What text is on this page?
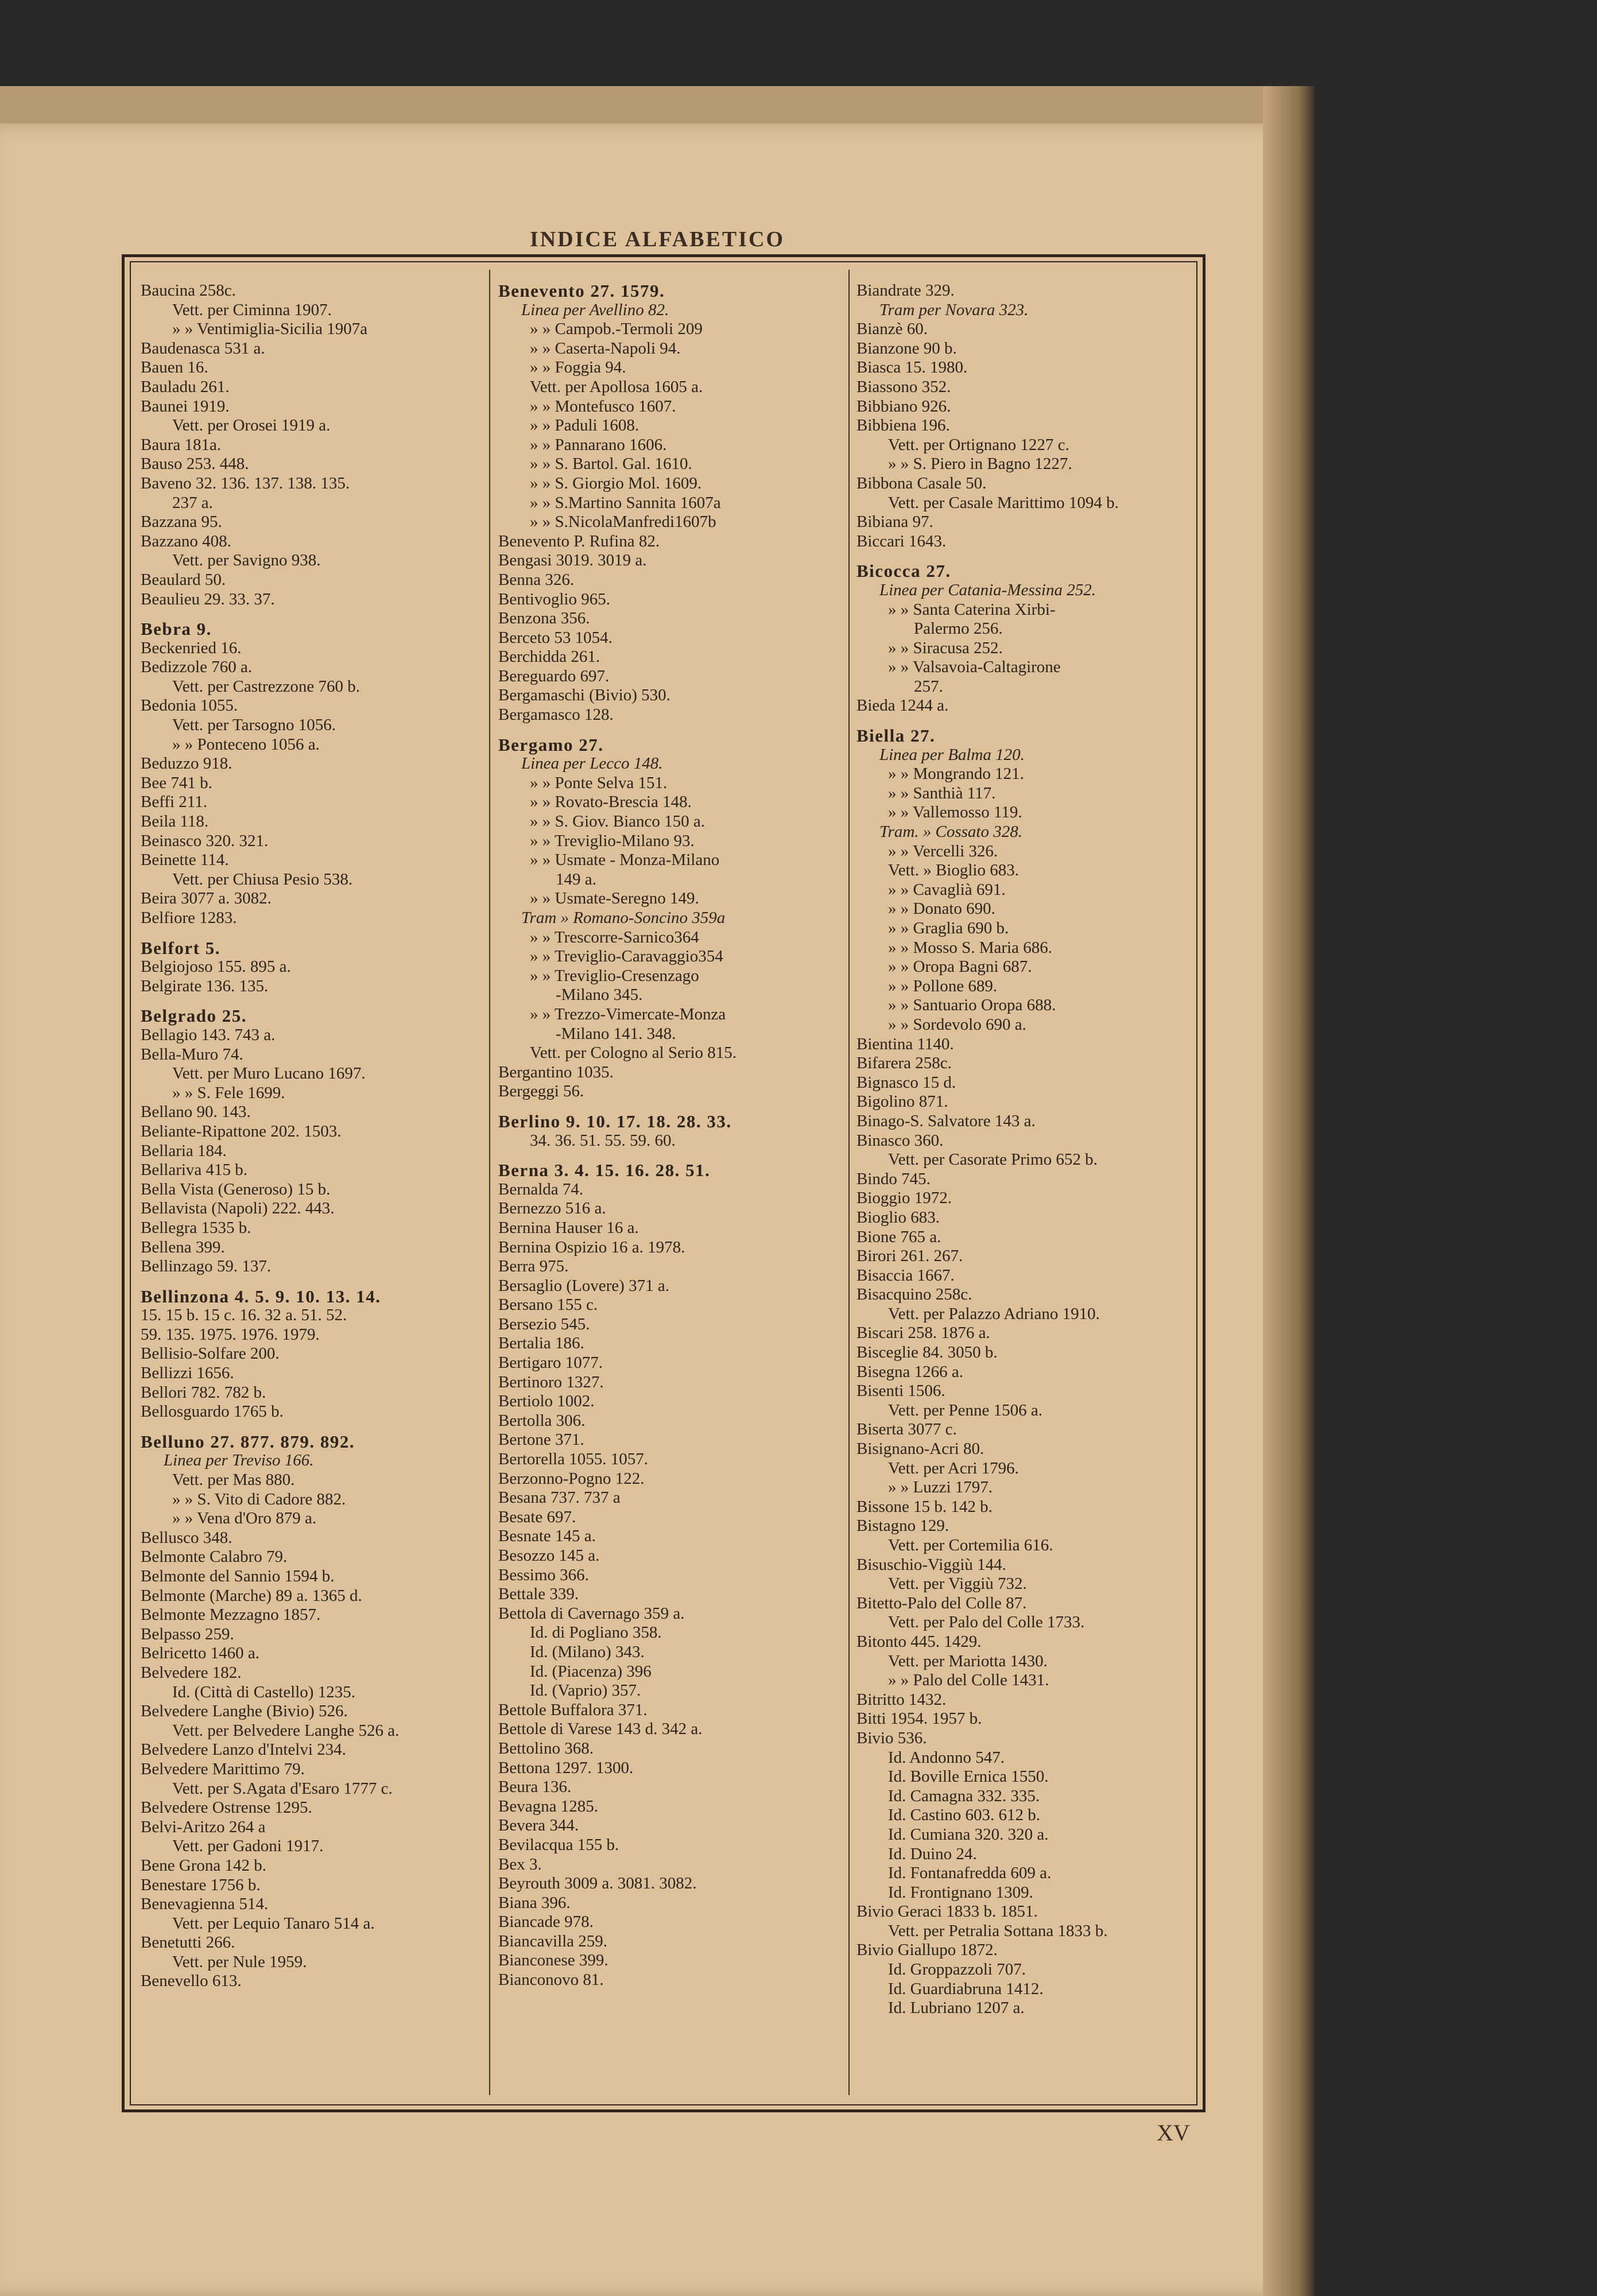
INDICE ALFABETICO
Baucina 258c.
Vett. per Ciminna 1907.
» » Ventimiglia-Sicilia 1907a
Baudenasca 531 a.
Bauen 16.
Bauladu 261.
Baunei 1919.
Vett. per Orosei 1919 a.
Baura 181a.
Bauso 253. 448.
Baveno 32. 136. 137. 138. 135.
237 a.
Bazzana 95.
Bazzano 408.
Vett. per Savigno 938.
Beaulard 50.
Beaulieu 29. 33. 37.
Bebra 9.
Beckenried 16.
Bedizzole 760 a.
Vett. per Castrezzone 760 b.
Bedonia 1055.
Vett. per Tarsogno 1056.
» » Ponteceno 1056 a.
Beduzzo 918.
Bee 741 b.
Beffi 211.
Beila 118.
Beinasco 320. 321.
Beinette 114.
Vett. per Chiusa Pesio 538.
Beira 3077 a. 3082.
Belfiore 1283.
Belfort 5.
Belgiojoso 155. 895 a.
Belgirate 136. 135.
Belgrado 25.
Bellagio 143. 743 a.
Bella-Muro 74.
Vett. per Muro Lucano 1697.
» » S. Fele 1699.
Bellano 90. 143.
Beliante-Ripattone 202. 1503.
Bellaria 184.
Bellariva 415 b.
Bella Vista (Generoso) 15 b.
Bellavista (Napoli) 222. 443.
Bellegra 1535 b.
Bellena 399.
Bellinzago 59. 137.
Bellinzona 4. 5. 9. 10. 13. 14.
15. 15 b. 15 c. 16. 32 a. 51. 52.
59. 135. 1975. 1976. 1979.
Bellisio-Solfare 200.
Bellizzi 1656.
Bellori 782. 782 b.
Bellosguardo 1765 b.
Belluno 27. 877. 879. 892.
Linea per Treviso 166.
Vett. per Mas 880.
» » S. Vito di Cadore 882.
» » Vena d'Oro 879 a.
Bellusco 348.
Belmonte Calabro 79.
Belmonte del Sannio 1594 b.
Belmonte (Marche) 89 a. 1365 d.
Belmonte Mezzagno 1857.
Belpasso 259.
Belricetto 1460 a.
Belvedere 182.
Id. (Città di Castello) 1235.
Belvedere Langhe (Bivio) 526.
Vett. per Belvedere Langhe 526 a.
Belvedere Lanzo d'Intelvi 234.
Belvedere Marittimo 79.
Vett. per S.Agata d'Esaro 1777 c.
Belvedere Ostrense 1295.
Belvi-Aritzo 264 a
Vett. per Gadoni 1917.
Bene Grona 142 b.
Benestare 1756 b.
Benevagienna 514.
Vett. per Lequio Tanaro 514 a.
Benetutti 266.
Vett. per Nule 1959.
Benevello 613.
Benevento 27. 1579.
Linea per Avellino 82.
» » Campob.-Termoli 209
» » Caserta-Napoli 94.
» » Foggia 94.
Vett. per Apollosa 1605 a.
» » Montefusco 1607.
» » Paduli 1608.
» » Pannarano 1606.
» » S. Bartol. Gal. 1610.
» » S. Giorgio Mol. 1609.
» » S.Martino Sannita 1607a
» » S.NicolaManfredi1607b
Benevento P. Rufina 82.
Bengasi 3019. 3019 a.
Benna 326.
Bentivoglio 965.
Benzona 356.
Berceto 53 1054.
Berchidda 261.
Bereguardo 697.
Bergamaschi (Bivio) 530.
Bergamasco 128.
Bergamo 27.
Linea per Lecco 148.
» » Ponte Selva 151.
» » Rovato-Brescia 148.
» » S. Giov. Bianco 150 a.
» » Treviglio-Milano 93.
» » Usmate - Monza-Milano
149 a.
» » Usmate-Seregno 149.
Tram » Romano-Soncino 359a
» » Trescorre-Sarnico364
» » Treviglio-Caravaggio354
» » Treviglio-Cresenzago
-Milano 345.
» » Trezzo-Vimercate-Monza
-Milano 141. 348.
Vett. per Cologno al Serio 815.
Bergantino 1035.
Bergeggi 56.
Berlino 9. 10. 17. 18. 28. 33.
34. 36. 51. 55. 59. 60.
Berna 3. 4. 15. 16. 28. 51.
Bernalda 74.
Bernezzo 516 a.
Bernina Hauser 16 a.
Bernina Ospizio 16 a. 1978.
Berra 975.
Bersaglio (Lovere) 371 a.
Bersano 155 c.
Bersezio 545.
Bertalia 186.
Bertigaro 1077.
Bertinoro 1327.
Bertiolo 1002.
Bertolla 306.
Bertone 371.
Bertorella 1055. 1057.
Berzonno-Pogno 122.
Besana 737. 737 a
Besate 697.
Besnate 145 a.
Besozzo 145 a.
Bessimo 366.
Bettale 339.
Bettola di Cavernago 359 a.
Id. di Pogliano 358.
Id. (Milano) 343.
Id. (Piacenza) 396
Id. (Vaprio) 357.
Bettole Buffalora 371.
Bettole di Varese 143 d. 342 a.
Bettolino 368.
Bettona 1297. 1300.
Beura 136.
Bevagna 1285.
Bevera 344.
Bevilacqua 155 b.
Bex 3.
Beyrouth 3009 a. 3081. 3082.
Biana 396.
Biancade 978.
Biancavilla 259.
Bianconese 399.
Bianconovo 81.
Biandrate 329.
Tram per Novara 323.
Bianzè 60.
Bianzone 90 b.
Biasca 15. 1980.
Biassono 352.
Bibbiano 926.
Bibbiena 196.
Vett. per Ortignano 1227 c.
» » S. Piero in Bagno 1227.
Bibbona Casale 50.
Vett. per Casale Marittimo 1094 b.
Bibiana 97.
Biccari 1643.
Bicocca 27.
Linea per Catania-Messina 252.
» » Santa Caterina Xirbi-
Palermo 256.
» » Siracusa 252.
» » Valsavoia-Caltagirone
257.
Bieda 1244 a.
Biella 27.
Linea per Balma 120.
» » Mongrando 121.
» » Santhià 117.
» » Vallemosso 119.
Tram. » Cossato 328.
» » Vercelli 326.
Vett. » Bioglio 683.
» » Cavaglià 691.
» » Donato 690.
» » Graglia 690 b.
» » Mosso S. Maria 686.
» » Oropa Bagni 687.
» » Pollone 689.
» » Santuario Oropa 688.
» » Sordevolo 690 a.
Bientina 1140.
Bifarera 258c.
Bignasco 15 d.
Bigolino 871.
Binago-S. Salvatore 143 a.
Binasco 360.
Vett. per Casorate Primo 652 b.
Bindo 745.
Bioggio 1972.
Bioglio 683.
Bione 765 a.
Birori 261. 267.
Bisaccia 1667.
Bisacquino 258c.
Vett. per Palazzo Adriano 1910.
Biscari 258. 1876 a.
Bisceglie 84. 3050 b.
Bisegna 1266 a.
Bisenti 1506.
Vett. per Penne 1506 a.
Biserta 3077 c.
Bisignano-Acri 80.
Vett. per Acri 1796.
» » Luzzi 1797.
Bissone 15 b. 142 b.
Bistagno 129.
Vett. per Cortemilia 616.
Bisuschio-Viggiù 144.
Vett. per Viggiù 732.
Bitetto-Palo del Colle 87.
Vett. per Palo del Colle 1733.
Bitonto 445. 1429.
Vett. per Mariotta 1430.
» » Palo del Colle 1431.
Bitritto 1432.
Bitti 1954. 1957 b.
Bivio 536.
Id. Andonno 547.
Id. Boville Ernica 1550.
Id. Camagna 332. 335.
Id. Castino 603. 612 b.
Id. Cumiana 320. 320 a.
Id. Duino 24.
Id. Fontanafredda 609 a.
Id. Frontignano 1309.
Bivio Geraci 1833 b. 1851.
Vett. per Petralia Sottana 1833 b.
Bivio Giallupo 1872.
Id. Groppazzoli 707.
Id. Guardiabruna 1412.
Id. Lubriano 1207 a.
XV
